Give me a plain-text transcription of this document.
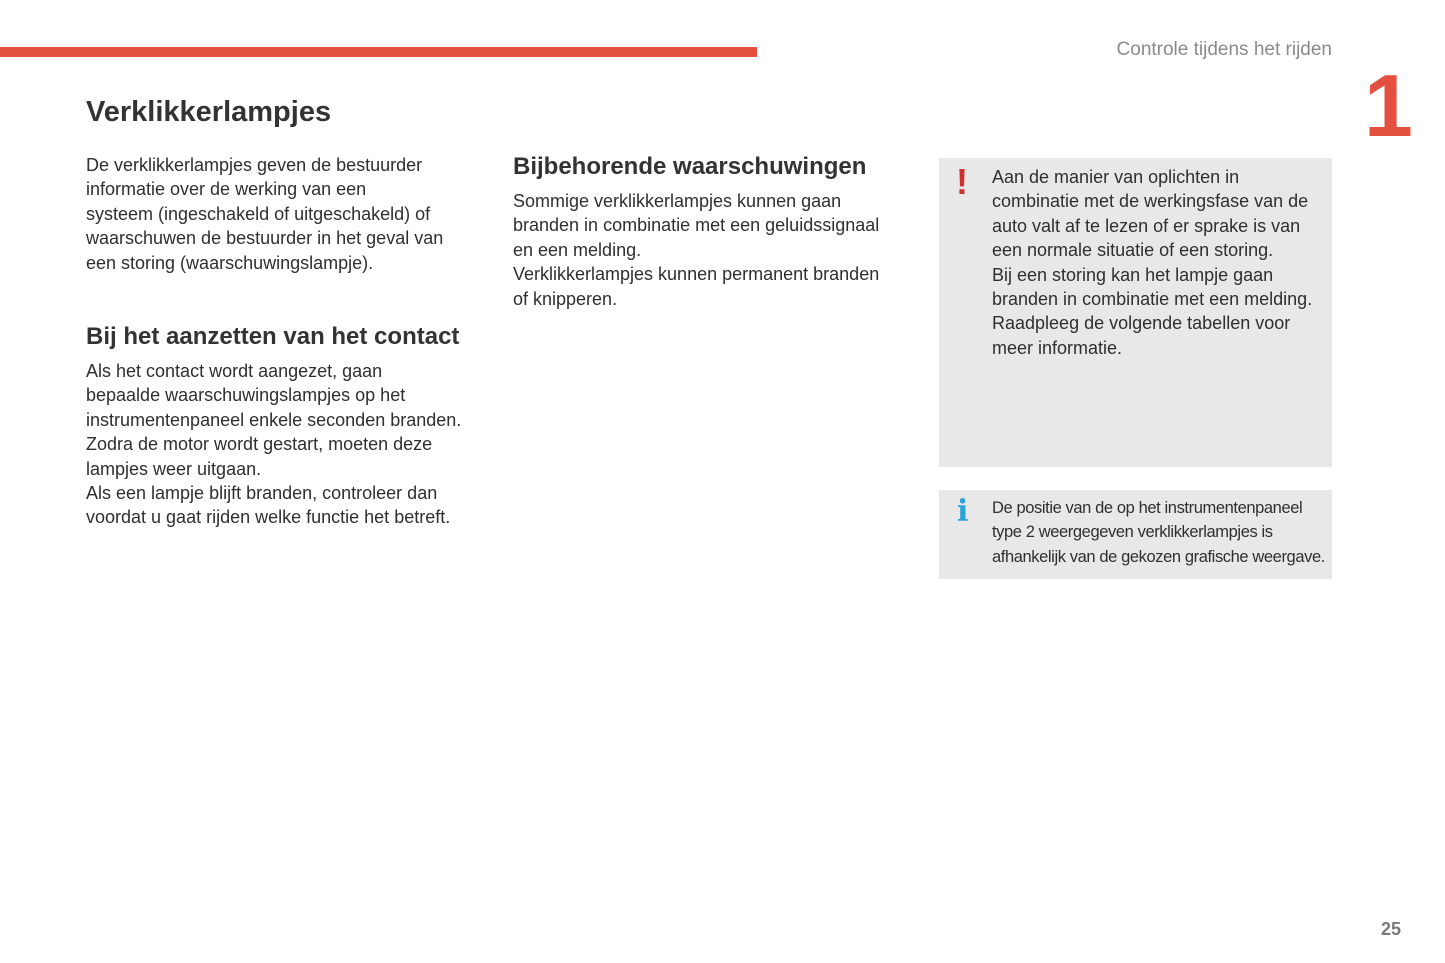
Controle tijdens het rijden
1
Verklikkerlampjes

De verklikkerlampjes geven de bestuurder
informatie over de werking van een
systeem (ingeschakeld of uitgeschakeld) of
waarschuwen de bestuurder in het geval van
een storing (waarschuwingslampje).

Bij het aanzetten van het contact

Als het contact wordt aangezet, gaan
bepaalde waarschuwingslampjes op het
instrumentenpaneel enkele seconden branden.
Zodra de motor wordt gestart, moeten deze
lampjes weer uitgaan.
Als een lampje blijft branden, controleer dan
voordat u gaat rijden welke functie het betreft.

Bijbehorende waarschuwingen

Sommige verklikkerlampjes kunnen gaan
branden in combinatie met een geluidssignaal
en een melding.
Verklikkerlampjes kunnen permanent branden
of knipperen.

! Aan de manier van oplichten in
combinatie met de werkingsfase van de
auto valt af te lezen of er sprake is van
een normale situatie of een storing.
Bij een storing kan het lampje gaan
branden in combinatie met een melding.
Raadpleeg de volgende tabellen voor
meer informatie.

i De positie van de op het instrumentenpaneel
type 2 weergegeven verklikkerlampjes is
afhankelijk van de gekozen grafische weergave.

25
